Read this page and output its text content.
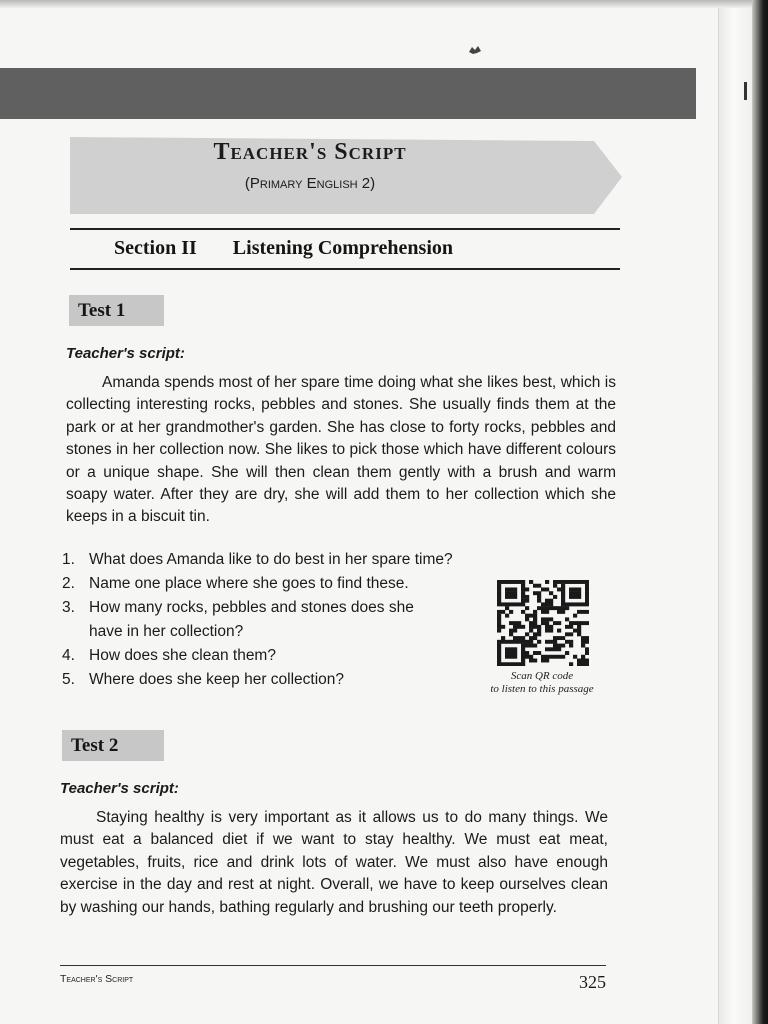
Teacher's Script
(Primary English 2)
Section II Listening Comprehension
Test 1
Teacher's script:

Amanda spends most of her spare time doing what she likes best, which is collecting interesting rocks, pebbles and stones. She usually finds them at the park or at her grandmother's garden. She has close to forty rocks, pebbles and stones in her collection now. She likes to pick those which have different colours or a unique shape. She will then clean them gently with a brush and warm soapy water. After they are dry, she will add them to her collection which she keeps in a biscuit tin.

1. What does Amanda like to do best in her spare time?
2. Name one place where she goes to find these.
3. How many rocks, pebbles and stones does she have in her collection?
4. How does she clean them?
5. Where does she keep her collection?	Scan QR code
to listen to this passage
Test 2
Teacher's script:

Staying healthy is very important as it allows us to do many things. We must eat a balanced diet if we want to stay healthy. We must eat meat, vegetables, fruits, rice and drink lots of water. We must also have enough exercise in the day and rest at night. Overall, we have to keep ourselves clean by washing our hands, bathing regularly and brushing our teeth properly.

Teacher's Script	325
